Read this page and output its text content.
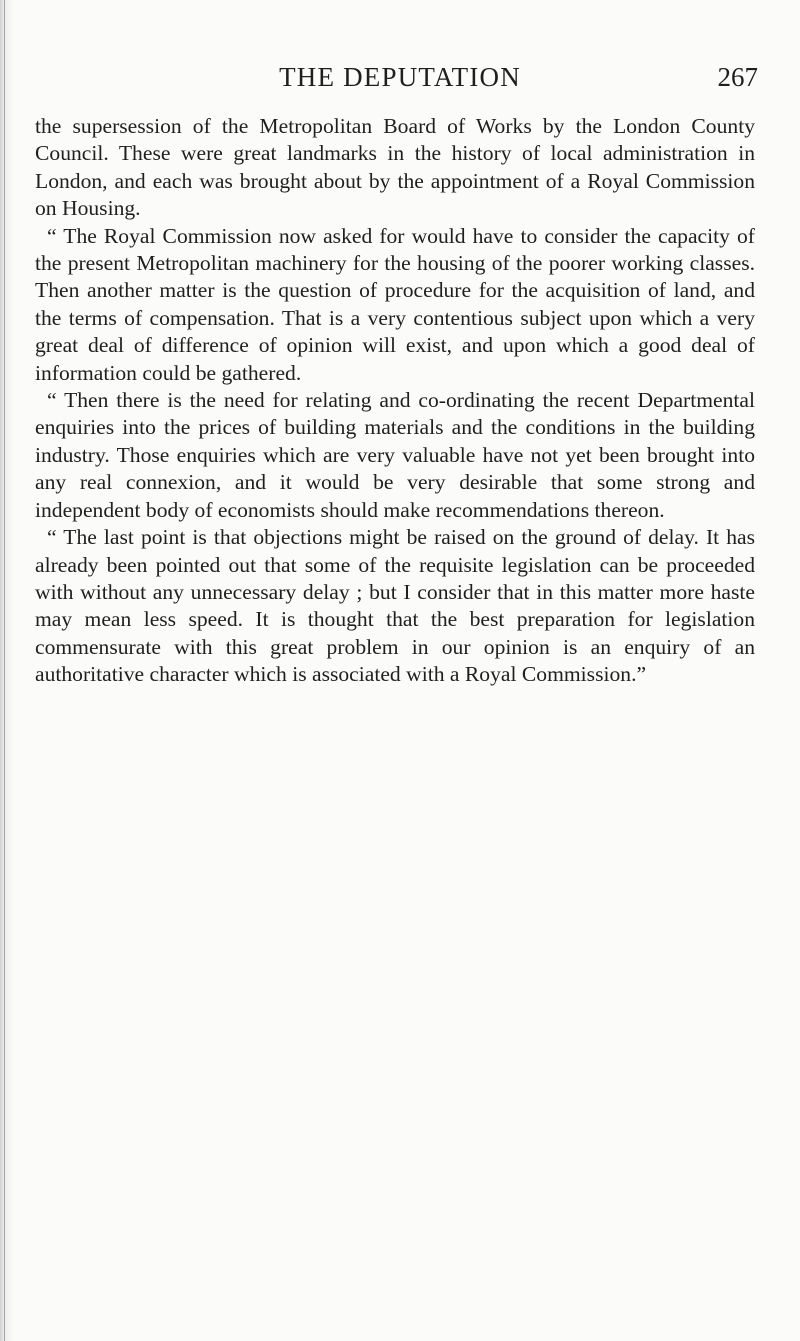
THE DEPUTATION	267

the supersession of the Metropolitan Board of Works by the London County Council. These were great landmarks in the history of local administration in London, and each was brought about by the appointment of a Royal Commission on Housing.

“ The Royal Commission now asked for would have to consider the capacity of the present Metropolitan machinery for the housing of the poorer working classes. Then another matter is the question of procedure for the acquisition of land, and the terms of compensation. That is a very contentious subject upon which a very great deal of difference of opinion will exist, and upon which a good deal of information could be gathered.

“ Then there is the need for relating and co-ordinating the recent Departmental enquiries into the prices of building materials and the conditions in the building industry. Those enquiries which are very valuable have not yet been brought into any real connexion, and it would be very desirable that some strong and independent body of economists should make recommendations thereon.

“ The last point is that objections might be raised on the ground of delay. It has already been pointed out that some of the requisite legislation can be proceeded with without any unnecessary delay ; but I consider that in this matter more haste may mean less speed. It is thought that the best preparation for legislation commensurate with this great problem in our opinion is an enquiry of an authoritative character which is associated with a Royal Commission.”
